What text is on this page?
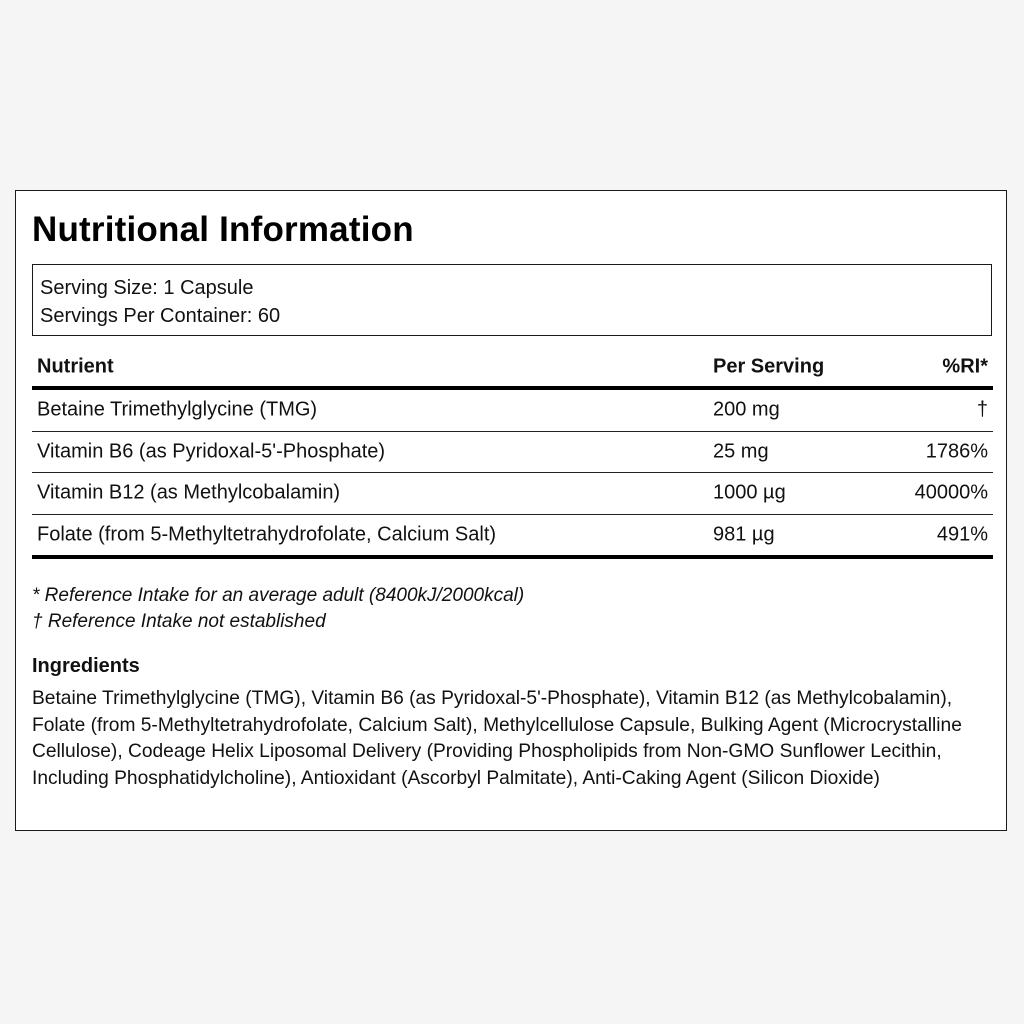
Nutritional Information
Serving Size: 1 Capsule
Servings Per Container: 60
Nutrient	Per Serving	%RI*
Betaine Trimethylglycine (TMG)	200 mg	†
Vitamin B6 (as Pyridoxal-5'-Phosphate)	25 mg	1786%
Vitamin B12 (as Methylcobalamin)	1000 µg	40000%
Folate (from 5-Methyltetrahydrofolate, Calcium Salt)	981 µg	491%
* Reference Intake for an average adult (8400kJ/2000kcal)
† Reference Intake not established
Ingredients
Betaine Trimethylglycine (TMG), Vitamin B6 (as Pyridoxal-5'-Phosphate), Vitamin B12 (as Methylcobalamin), Folate (from 5-Methyltetrahydrofolate, Calcium Salt), Methylcellulose Capsule, Bulking Agent (Microcrystalline Cellulose), Codeage Helix Liposomal Delivery (Providing Phospholipids from Non-GMO Sunflower Lecithin, Including Phosphatidylcholine), Antioxidant (Ascorbyl Palmitate), Anti-Caking Agent (Silicon Dioxide)
